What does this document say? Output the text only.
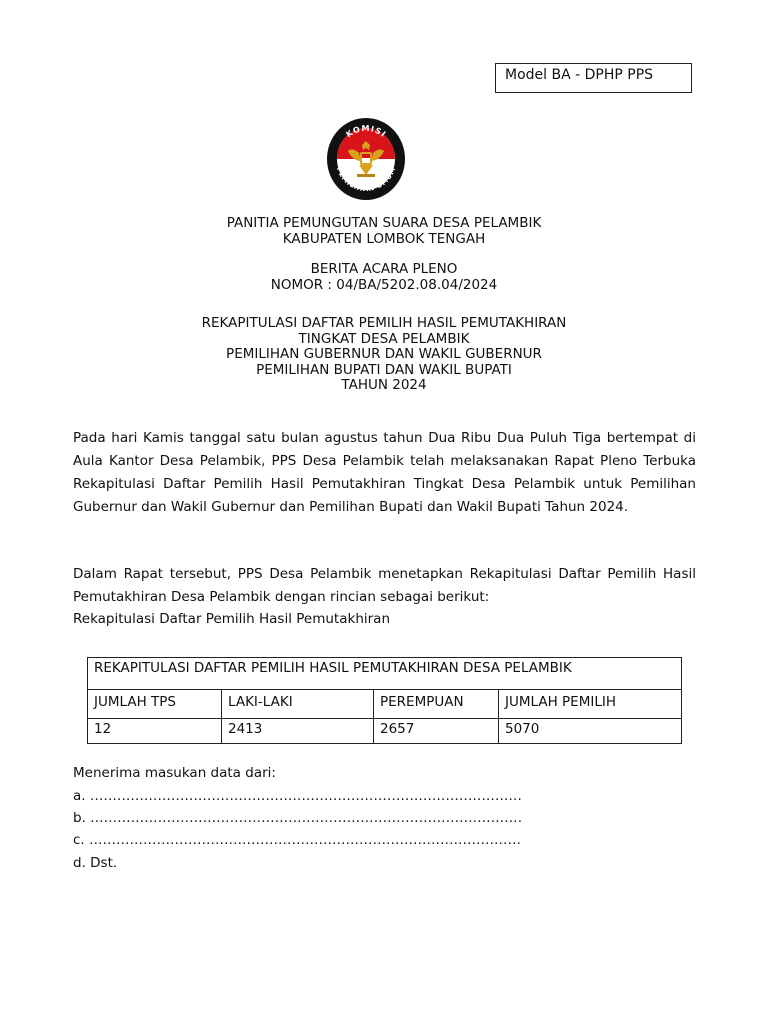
Model BA - DPHP PPS
KOMISI
PEMILIHAN UMUM
PANITIA PEMUNGUTAN SUARA DESA PELAMBIK
KABUPATEN LOMBOK TENGAH
BERITA ACARA PLENO
NOMOR : 04/BA/5202.08.04/2024
REKAPITULASI DAFTAR PEMILIH HASIL PEMUTAKHIRAN
TINGKAT DESA PELAMBIK
PEMILIHAN GUBERNUR DAN WAKIL GUBERNUR
PEMILIHAN BUPATI DAN WAKIL BUPATI
TAHUN 2024
Pada hari Kamis tanggal satu bulan agustus tahun Dua Ribu Dua Puluh Tiga bertempat di Aula Kantor Desa Pelambik, PPS Desa Pelambik telah melaksanakan Rapat Pleno Terbuka Rekapitulasi Daftar Pemilih Hasil Pemutakhiran Tingkat Desa Pelambik untuk Pemilihan Gubernur dan Wakil Gubernur dan Pemilihan Bupati dan Wakil Bupati Tahun 2024.
Dalam Rapat tersebut, PPS Desa Pelambik menetapkan Rekapitulasi Daftar Pemilih Hasil Pemutakhiran Desa Pelambik dengan rincian sebagai berikut:
Rekapitulasi Daftar Pemilih Hasil Pemutakhiran
REKAPITULASI DAFTAR PEMILIH HASIL PEMUTAKHIRAN DESA PELAMBIK			
JUMLAH TPS	LAKI-LAKI	PEREMPUAN	JUMLAH PEMILIH
12	2413	2657	5070
Menerima masukan data dari:
a. ……………………………………………………………………………………
b. ……………………………………………………………………………………
c. ……………………………………………………………………………………
d. Dst.
